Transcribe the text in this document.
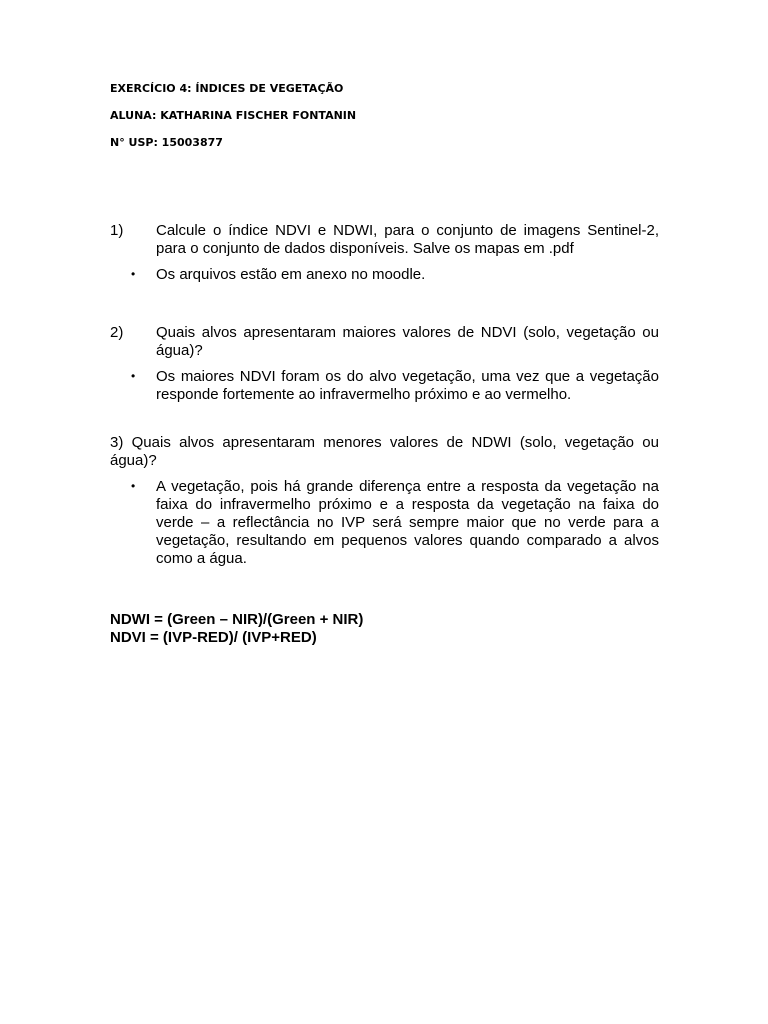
EXERCÍCIO 4: ÍNDICES DE VEGETAÇÃO
ALUNA: KATHARINA FISCHER FONTANIN
N° USP: 15003877
1)	Calcule o índice NDVI e NDWI, para o conjunto de imagens Sentinel-2, para o conjunto de dados disponíveis. Salve os mapas em .pdf
•	Os arquivos estão em anexo no moodle.
2)	Quais alvos apresentaram maiores valores de NDVI (solo, vegetação ou água)?
•	Os maiores NDVI foram os do alvo vegetação, uma vez que a vegetação responde fortemente ao infravermelho próximo e ao vermelho.
3) Quais alvos apresentaram menores valores de NDWI (solo, vegetação ou água)?
•	A vegetação, pois há grande diferença entre a resposta da vegetação na faixa do infravermelho próximo e a resposta da vegetação na faixa do verde – a reflectância no IVP será sempre maior que no verde para a vegetação, resultando em pequenos valores quando comparado a alvos como a água.
NDWI = (Green – NIR)/(Green + NIR)
NDVI = (IVP-RED)/ (IVP+RED)
